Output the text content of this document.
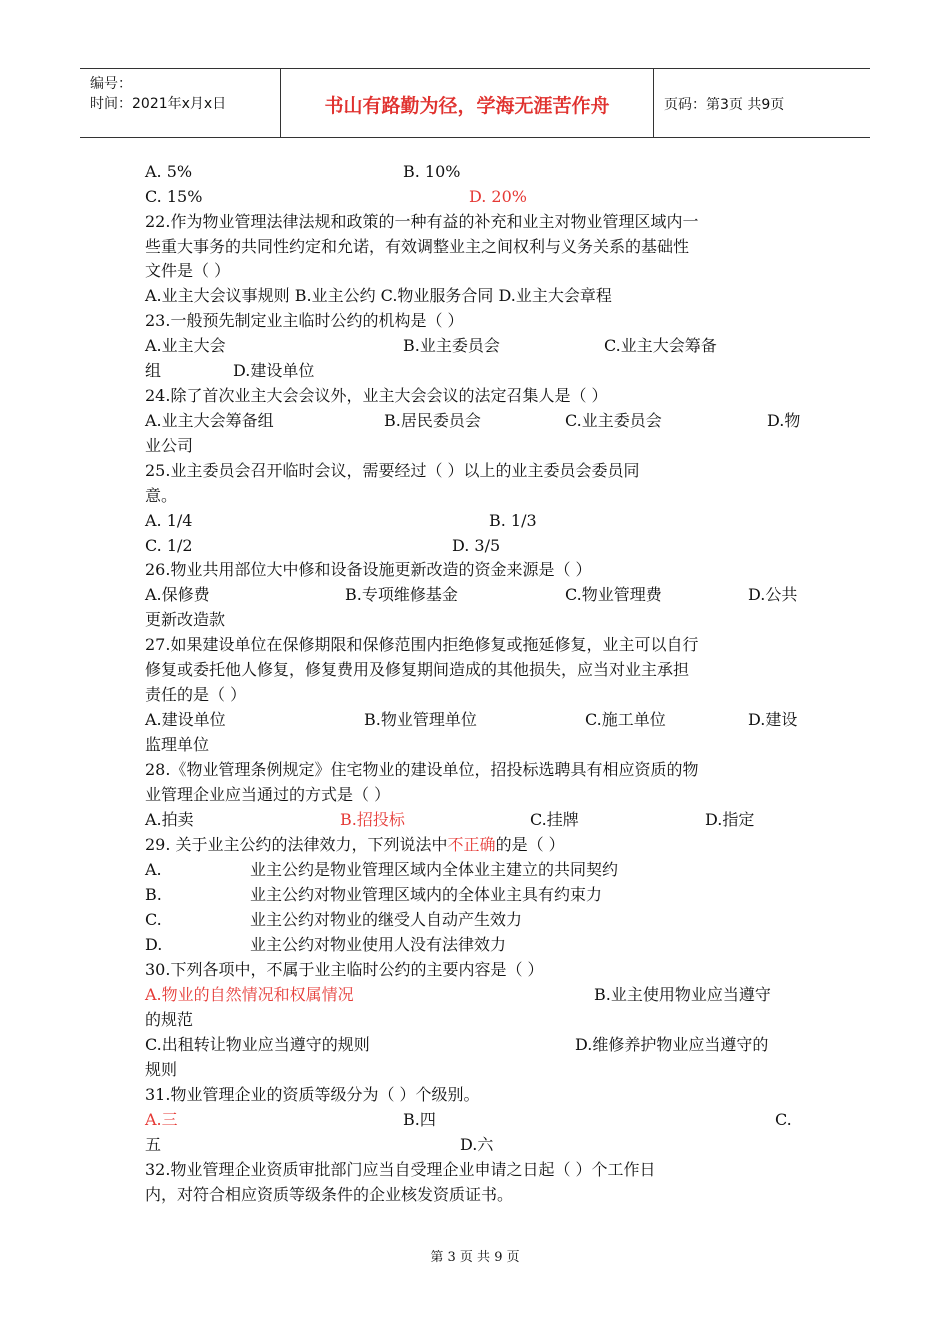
编号：
时间：2021年x月x日	书山有路勤为径，学海无涯苦作舟	页码：第3页 共9页
A. 5%	B. 10%
C. 15%	D. 20%
22.作为物业管理法律法规和政策的一种有益的补充和业主对物业管理区域内一
些重大事务的共同性约定和允诺，有效调整业主之间权利与义务关系的基础性
文件是（ ）
A.业主大会议事规则 B.业主公约 C.物业服务合同 D.业主大会章程
23.一般预先制定业主临时公约的机构是（ ）
A.业主大会	B.业主委员会	C.业主大会筹备
组	D.建设单位
24.除了首次业主大会会议外，业主大会会议的法定召集人是（ ）
A.业主大会筹备组	B.居民委员会	C.业主委员会	D.物
业公司
25.业主委员会召开临时会议，需要经过（ ）以上的业主委员会委员同
意。
A. 1/4	B. 1/3
C. 1/2	D. 3/5
26.物业共用部位大中修和设备设施更新改造的资金来源是（ ）
A.保修费	B.专项维修基金	C.物业管理费	D.公共
更新改造款
27.如果建设单位在保修期限和保修范围内拒绝修复或拖延修复，业主可以自行
修复或委托他人修复，修复费用及修复期间造成的其他损失，应当对业主承担
责任的是（ ）
A.建设单位	B.物业管理单位	C.施工单位	D.建设
监理单位
28.《物业管理条例规定》住宅物业的建设单位，招投标选聘具有相应资质的物
业管理企业应当通过的方式是（ ）
A.拍卖	B.招投标	C.挂牌	D.指定
29. 关于业主公约的法律效力，下列说法中不正确的是（ ）
A.	业主公约是物业管理区域内全体业主建立的共同契约
B.	业主公约对物业管理区域内的全体业主具有约束力
C.	业主公约对物业的继受人自动产生效力
D.	业主公约对物业使用人没有法律效力
30.下列各项中，不属于业主临时公约的主要内容是（ ）
A.物业的自然情况和权属情况	B.业主使用物业应当遵守
的规范
C.出租转让物业应当遵守的规则	D.维修养护物业应当遵守的
规则
31.物业管理企业的资质等级分为（ ）个级别。
A.三	B.四	C.
五	D.六
32.物业管理企业资质审批部门应当自受理企业申请之日起（ ）个工作日
内，对符合相应资质等级条件的企业核发资质证书。
第 3 页 共 9 页
